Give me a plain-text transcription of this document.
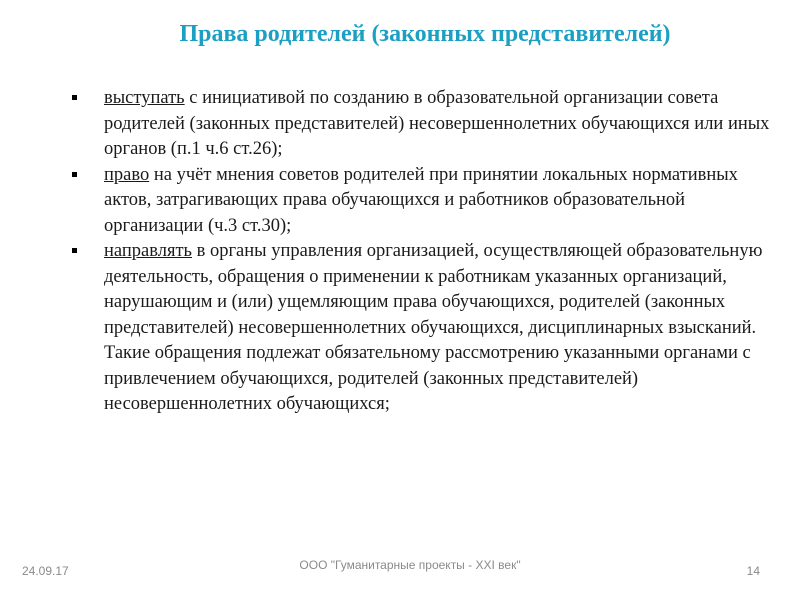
Права родителей (законных представителей)
выступать с инициативой по созданию в образовательной организации совета родителей (законных представителей) несовершеннолетних обучающихся или иных органов (п.1 ч.6 ст.26);
право на учёт мнения советов родителей при принятии локальных нормативных актов, затрагивающих права обучающихся и работников образовательной организации (ч.3 ст.30);
направлять в органы управления организацией, осуществляющей образовательную деятельность, обращения о применении к работникам указанных организаций, нарушающим и (или) ущемляющим права обучающихся, родителей (законных представителей) несовершеннолетних обучающихся, дисциплинарных взысканий. Такие обращения подлежат обязательному рассмотрению указанными органами с привлечением обучающихся, родителей (законных представителей) несовершеннолетних обучающихся;
24.09.17	ООО "Гуманитарные проекты - XXI век"	14
